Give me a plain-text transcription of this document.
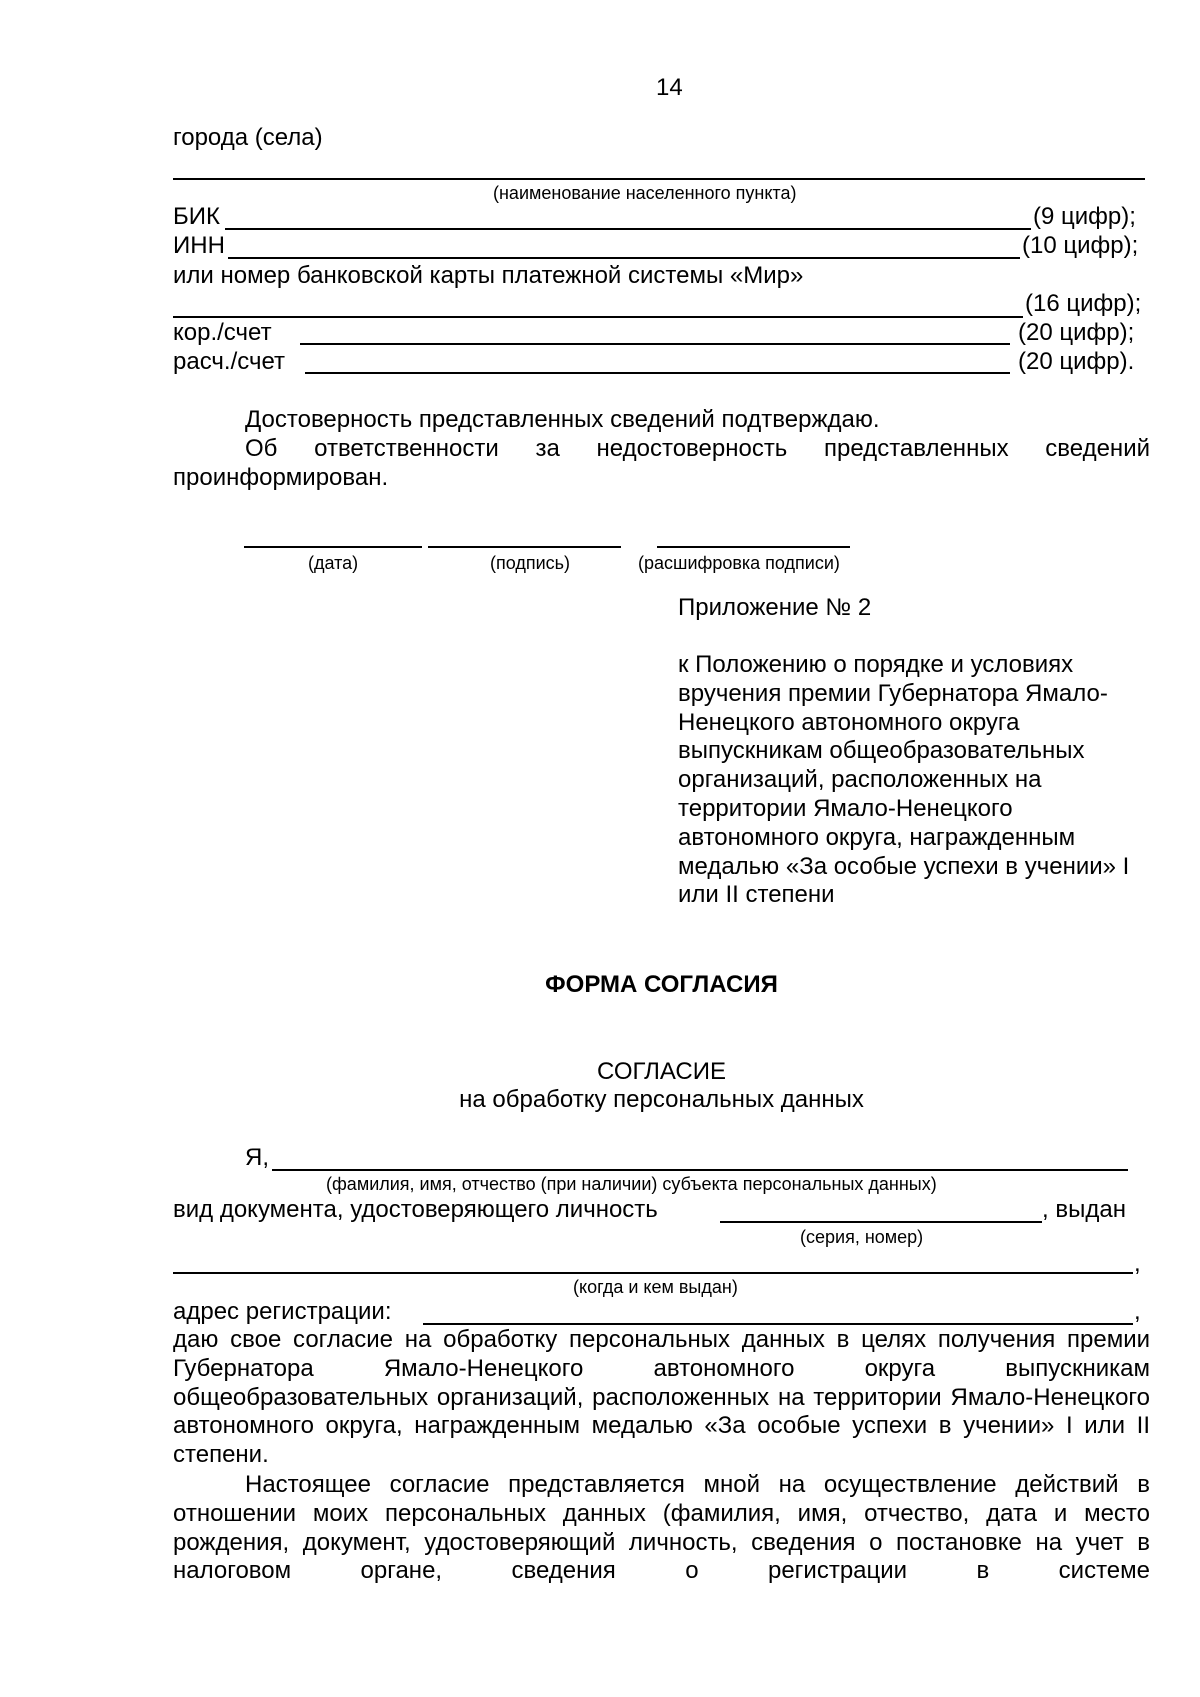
14
города (села)
(наименование населенного пункта)
БИК	(9 цифр);
ИНН	(10 цифр);
или номер банковской карты платежной системы «Мир»
(16 цифр);
кор./счет	(20 цифр);
расч./счет	(20 цифр).
Достоверность представленных сведений подтверждаю.
Об ответственности за недостоверность представленных сведений проинформирован.
(дата)	(подпись)	(расшифровка подписи)
Приложение № 2
к Положению о порядке и условиях вручения премии Губернатора Ямало-Ненецкого автономного округа выпускникам общеобразовательных организаций, расположенных на территории Ямало-Ненецкого автономного округа, награжденным медалью «За особые успехи в учении» I или II степени
ФОРМА СОГЛАСИЯ
СОГЛАСИЕ
на обработку персональных данных
Я,
(фамилия, имя, отчество (при наличии) субъекта персональных данных)
вид документа, удостоверяющего личность	, выдан
(серия, номер)
,
(когда и кем выдан)
адрес регистрации:	,
даю свое согласие на обработку персональных данных в целях получения премии Губернатора Ямало-Ненецкого автономного округа выпускникам общеобразовательных организаций, расположенных на территории Ямало-Ненецкого автономного округа, награжденным медалью «За особые успехи в учении» I или II степени.
Настоящее согласие представляется мной на осуществление действий в отношении моих персональных данных (фамилия, имя, отчество, дата и место рождения, документ, удостоверяющий личность, сведения о постановке на учет в налоговом органе, сведения о регистрации в системе
